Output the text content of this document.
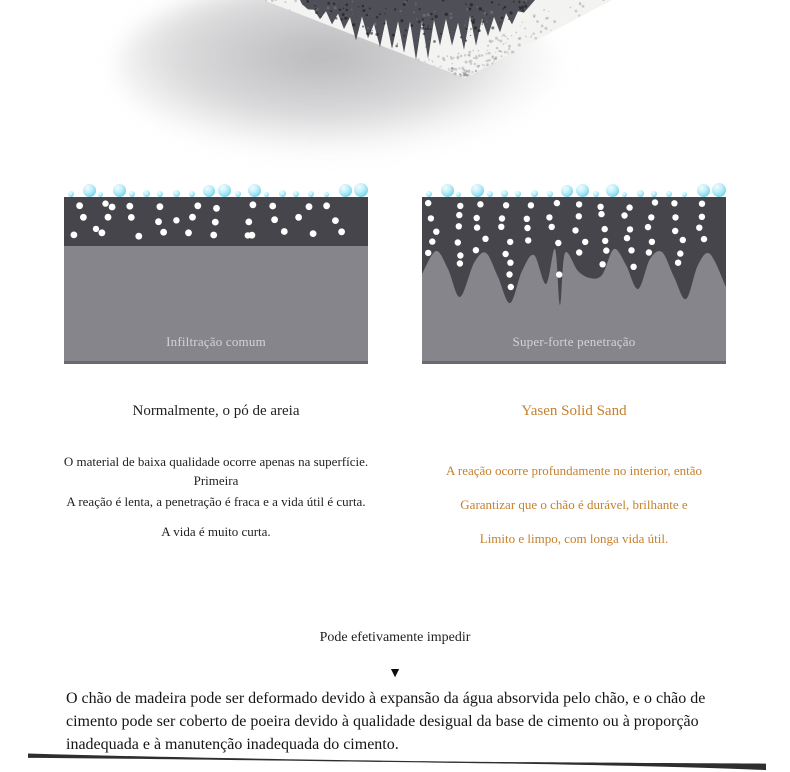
Infiltração comum	Super-forte penetração
Normalmente, o pó de areia	Yasen Solid Sand

O material de baixa qualidade ocorre apenas na superfície. Primeira

A reação é lenta, a penetração é fraca e a vida útil é curta.

A vida é muito curta.

A reação ocorre profundamente no interior, então

Garantizar que o chão é durável, brilhante e

Limito e limpo, com longa vida útil.

Pode efetivamente impedir
▼

O chão de madeira pode ser deformado devido à expansão da água absorvida pelo chão, e o chão de cimento pode ser coberto de poeira devido à qualidade desigual da base de cimento ou à proporção inadequada e à manutenção inadequada do cimento.
